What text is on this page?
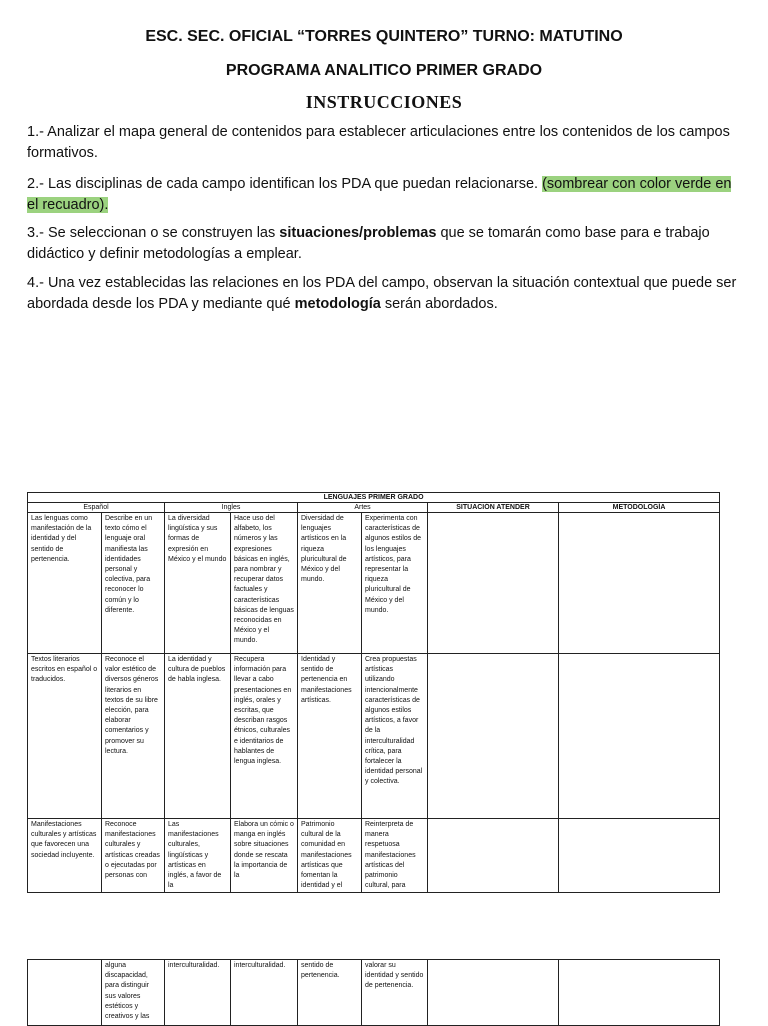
ESC. SEC. OFICIAL “TORRES QUINTERO” TURNO: MATUTINO
PROGRAMA ANALITICO PRIMER GRADO
INSTRUCCIONES
1.- Analizar el mapa general de contenidos para establecer articulaciones entre los contenidos de los campos formativos.
2.- Las disciplinas de cada campo identifican los PDA que puedan relacionarse. (sombrear con color verde en el recuadro).
3.- Se seleccionan o se construyen las situaciones/problemas que se tomarán como base para e trabajo didáctico y definir metodologías a emplear.
4.- Una vez establecidas las relaciones en los PDA del campo, observan la situación contextual que puede ser abordada desde los PDA y mediante qué metodología serán abordados.
LENGUAJES PRIMER GRADO							
Español		Ingles		Artes		SITUACIÓN ATENDER	METODOLOGÍA
Las lenguas como manifestación de la identidad y del sentido de pertenencia.	Describe en un texto cómo el lenguaje oral manifiesta las identidades personal y colectiva, para reconocer lo común y lo diferente.	La diversidad lingüística y sus formas de expresión en México y el mundo	Hace uso del alfabeto, los números y las expresiones básicas en inglés, para nombrar y recuperar datos factuales y características básicas de lenguas reconocidas en México y el mundo.	Diversidad de lenguajes artísticos en la riqueza pluricultural de México y del mundo.	Experimenta con características de algunos estilos de los lenguajes artísticos, para representar la riqueza pluricultural de México y del mundo.		
Textos literarios escritos en español o traducidos.	Reconoce el valor estético de diversos géneros literarios en textos de su libre elección, para elaborar comentarios y promover su lectura.	La identidad y cultura de pueblos de habla inglesa.	Recupera información para llevar a cabo presentaciones en inglés, orales y escritas, que describan rasgos étnicos, culturales e identitarios de hablantes de lengua inglesa.	Identidad y sentido de pertenencia en manifestaciones artísticas.	Crea propuestas artísticas utilizando intencionalmente características de algunos estilos artísticos, a favor de la interculturalidad crítica, para fortalecer la identidad personal y colectiva.		
Manifestaciones culturales y artísticas que favorecen una sociedad incluyente.	Reconoce manifestaciones culturales y artísticas creadas o ejecutadas por personas con	Las manifestaciones culturales, lingüísticas y artísticas en inglés, a favor de la	Elabora un cómic o manga en inglés sobre situaciones donde se rescata la importancia de la	Patrimonio cultural de la comunidad en manifestaciones artísticas que fomentan la identidad y el	Reinterpreta de manera respetuosa manifestaciones artísticas del patrimonio cultural, para		
	alguna discapacidad, para distinguir sus valores estéticos y creativos y las	interculturalidad.	interculturalidad.	sentido de pertenencia.	valorar su identidad y sentido de pertenencia.		
